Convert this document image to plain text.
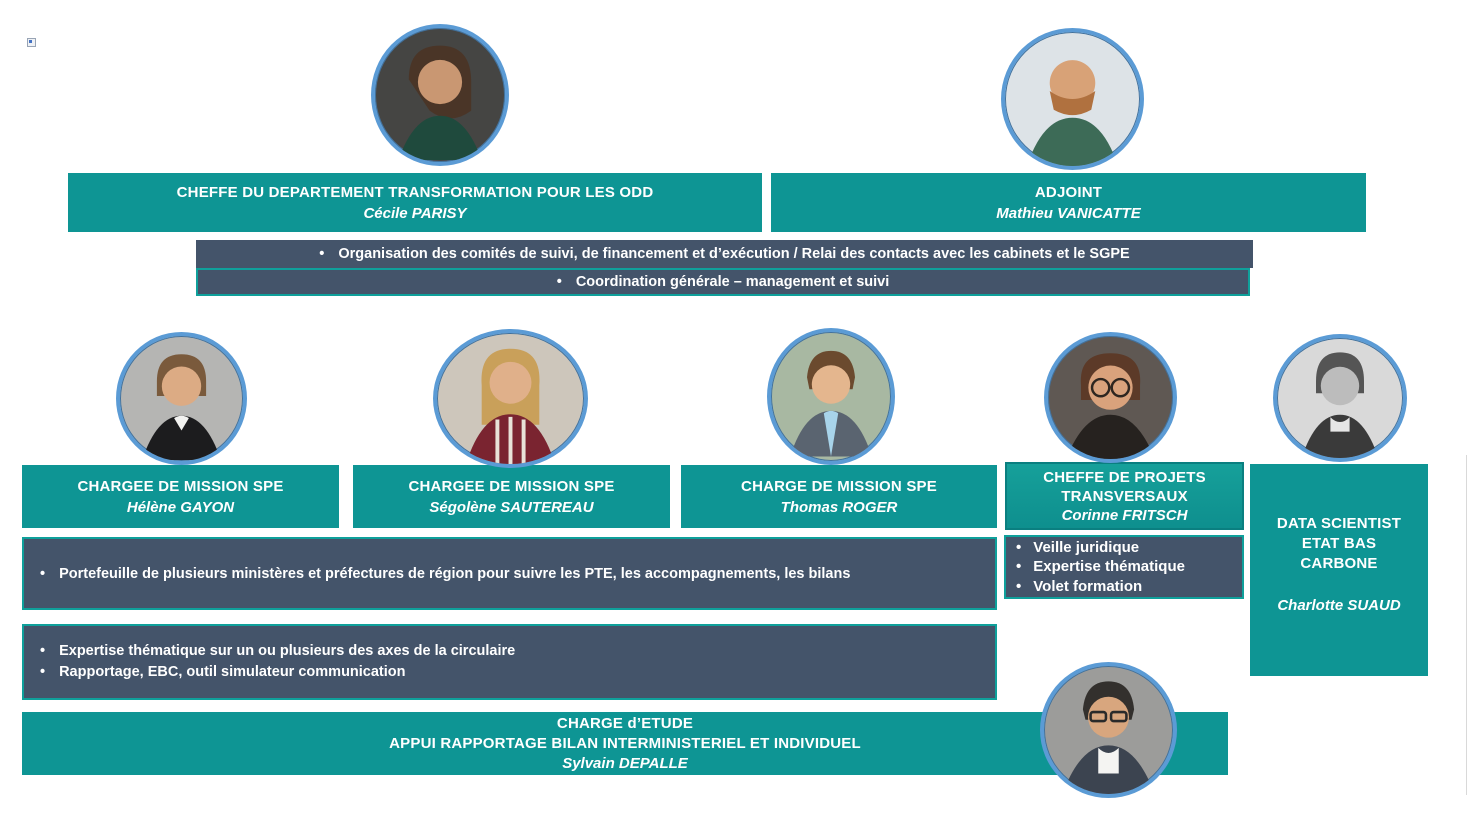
CHEFFE DU DEPARTEMENT TRANSFORMATION POUR LES ODD
Cécile PARISY
ADJOINT
Mathieu VANICATTE
• Organisation des comités de suivi, de financement et d’exécution / Relai des contacts avec les cabinets et le SGPE
• Coordination générale – management et suivi
CHARGEE DE MISSION SPE
Hélène GAYON
CHARGEE DE MISSION SPE
Ségolène SAUTEREAU
CHARGE DE MISSION SPE
Thomas ROGER
CHEFFE DE PROJETS TRANSVERSAUX
Corinne FRITSCH	DATA SCIENTIST ETAT BAS CARBONE
Charlotte SUAUD
• Portefeuille de plusieurs ministères et préfectures de région pour suivre les PTE, les accompagnements, les bilans
• Veille juridique
• Expertise thématique
• Volet formation
• Expertise thématique sur un ou plusieurs des axes de la circulaire
• Rapportage, EBC, outil simulateur communication
CHARGE d’ETUDE
APPUI RAPPORTAGE BILAN INTERMINISTERIEL ET INDIVIDUEL
Sylvain DEPALLE
